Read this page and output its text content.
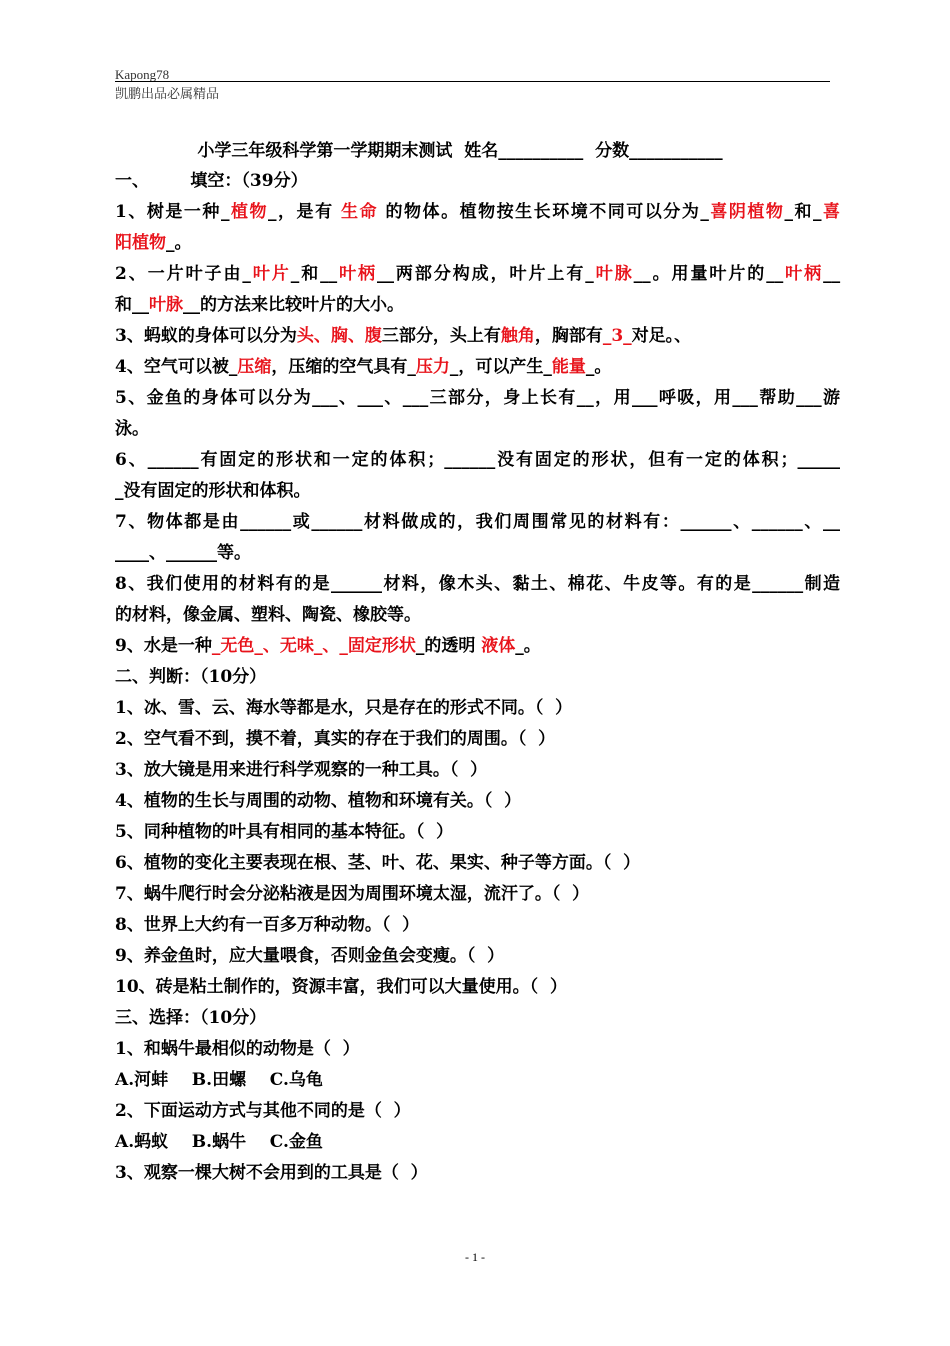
Kapong78
凯鹏出品必属精品
小学三年级科学第一学期期末测试  姓名__________  分数___________
一、       填空：（39分）
1、树是一种_植物_，是有 生命 的物体。植物按生长环境不同可以分为_喜阴植物_和_喜
阳植物_。
2、一片叶子由_叶片_和__叶柄__两部分构成，叶片上有_叶脉__。用量叶片的__叶柄__
和__叶脉__的方法来比较叶片的大小。
3、蚂蚁的身体可以分为头、胸、腹三部分，头上有触角，胸部有_3_对足。、
4、空气可以被_压缩，压缩的空气具有_压力_，可以产生_能量_。
5、金鱼的身体可以分为___、___、___三部分，身上长有__，用___呼吸，用___帮助___游
泳。
6、______有固定的形状和一定的体积；______没有固定的形状，但有一定的体积；_____
_没有固定的形状和体积。
7、物体都是由______或______材料做成的，我们周围常见的材料有：______、______、__
____、______等。
8、我们使用的材料有的是______材料，像木头、黏土、棉花、牛皮等。有的是______制造
的材料，像金属、塑料、陶瓷、橡胶等。
9、水是一种_无色_、无味_、_固定形状_的透明 液体_。
二、判断：（10分）
1、冰、雪、云、海水等都是水，只是存在的形式不同。（  ）
2、空气看不到，摸不着，真实的存在于我们的周围。（  ）
3、放大镜是用来进行科学观察的一种工具。（  ）
4、植物的生长与周围的动物、植物和环境有关。（  ）
5、同种植物的叶具有相同的基本特征。（  ）
6、植物的变化主要表现在根、茎、叶、花、果实、种子等方面。（  ）
7、蜗牛爬行时会分泌粘液是因为周围环境太湿，流汗了。（  ）
8、世界上大约有一百多万种动物。（  ）
9、养金鱼时，应大量喂食，否则金鱼会变瘦。（  ）
10、砖是粘土制作的，资源丰富，我们可以大量使用。（  ）
三、选择：（10分）
1、和蜗牛最相似的动物是（  ）
A.河蚌    B.田螺    C.乌龟
2、下面运动方式与其他不同的是（  ）
A.蚂蚁    B.蜗牛    C.金鱼
3、观察一棵大树不会用到的工具是（  ）
- 1 -
